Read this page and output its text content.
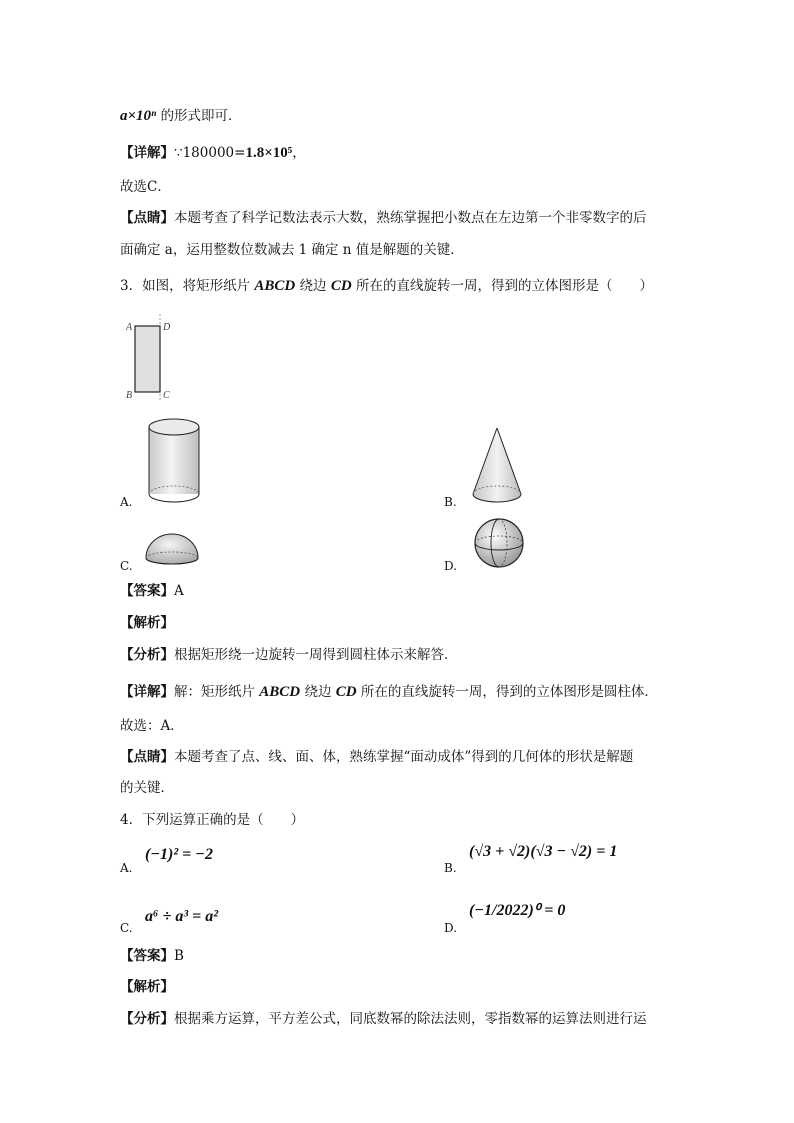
a×10ⁿ 的形式即可．
【详解】∵180000=1.8×10⁵，
故选C．
【点睛】本题考查了科学记数法表示大数，熟练掌握把小数点在左边第一个非零数字的后
面确定 a，运用整数位数减去 1 确定 n 值是解题的关键．
3．如图，将矩形纸片 ABCD 绕边 CD 所在的直线旋转一周，得到的立体图形是（　　）
A	D
B	C
A.	B.
C.	D.
【答案】A
【解析】
【分析】根据矩形绕一边旋转一周得到圆柱体示来解答．
【详解】解：矩形纸片 ABCD 绕边 CD 所在的直线旋转一周，得到的立体图形是圆柱体．
故选：A．
【点睛】本题考查了点、线、面、体，熟练掌握“面动成体”得到的几何体的形状是解题
的关键．
4．下列运算正确的是（　　）
A.
(−1)² = −2
B.
(√3 + √2)(√3 − √2) = 1
C.
a⁶ ÷ a³ = a²
D.
(−1/2022)⁰ = 0
【答案】B
【解析】
【分析】根据乘方运算，平方差公式，同底数幂的除法法则，零指数幂的运算法则进行运
